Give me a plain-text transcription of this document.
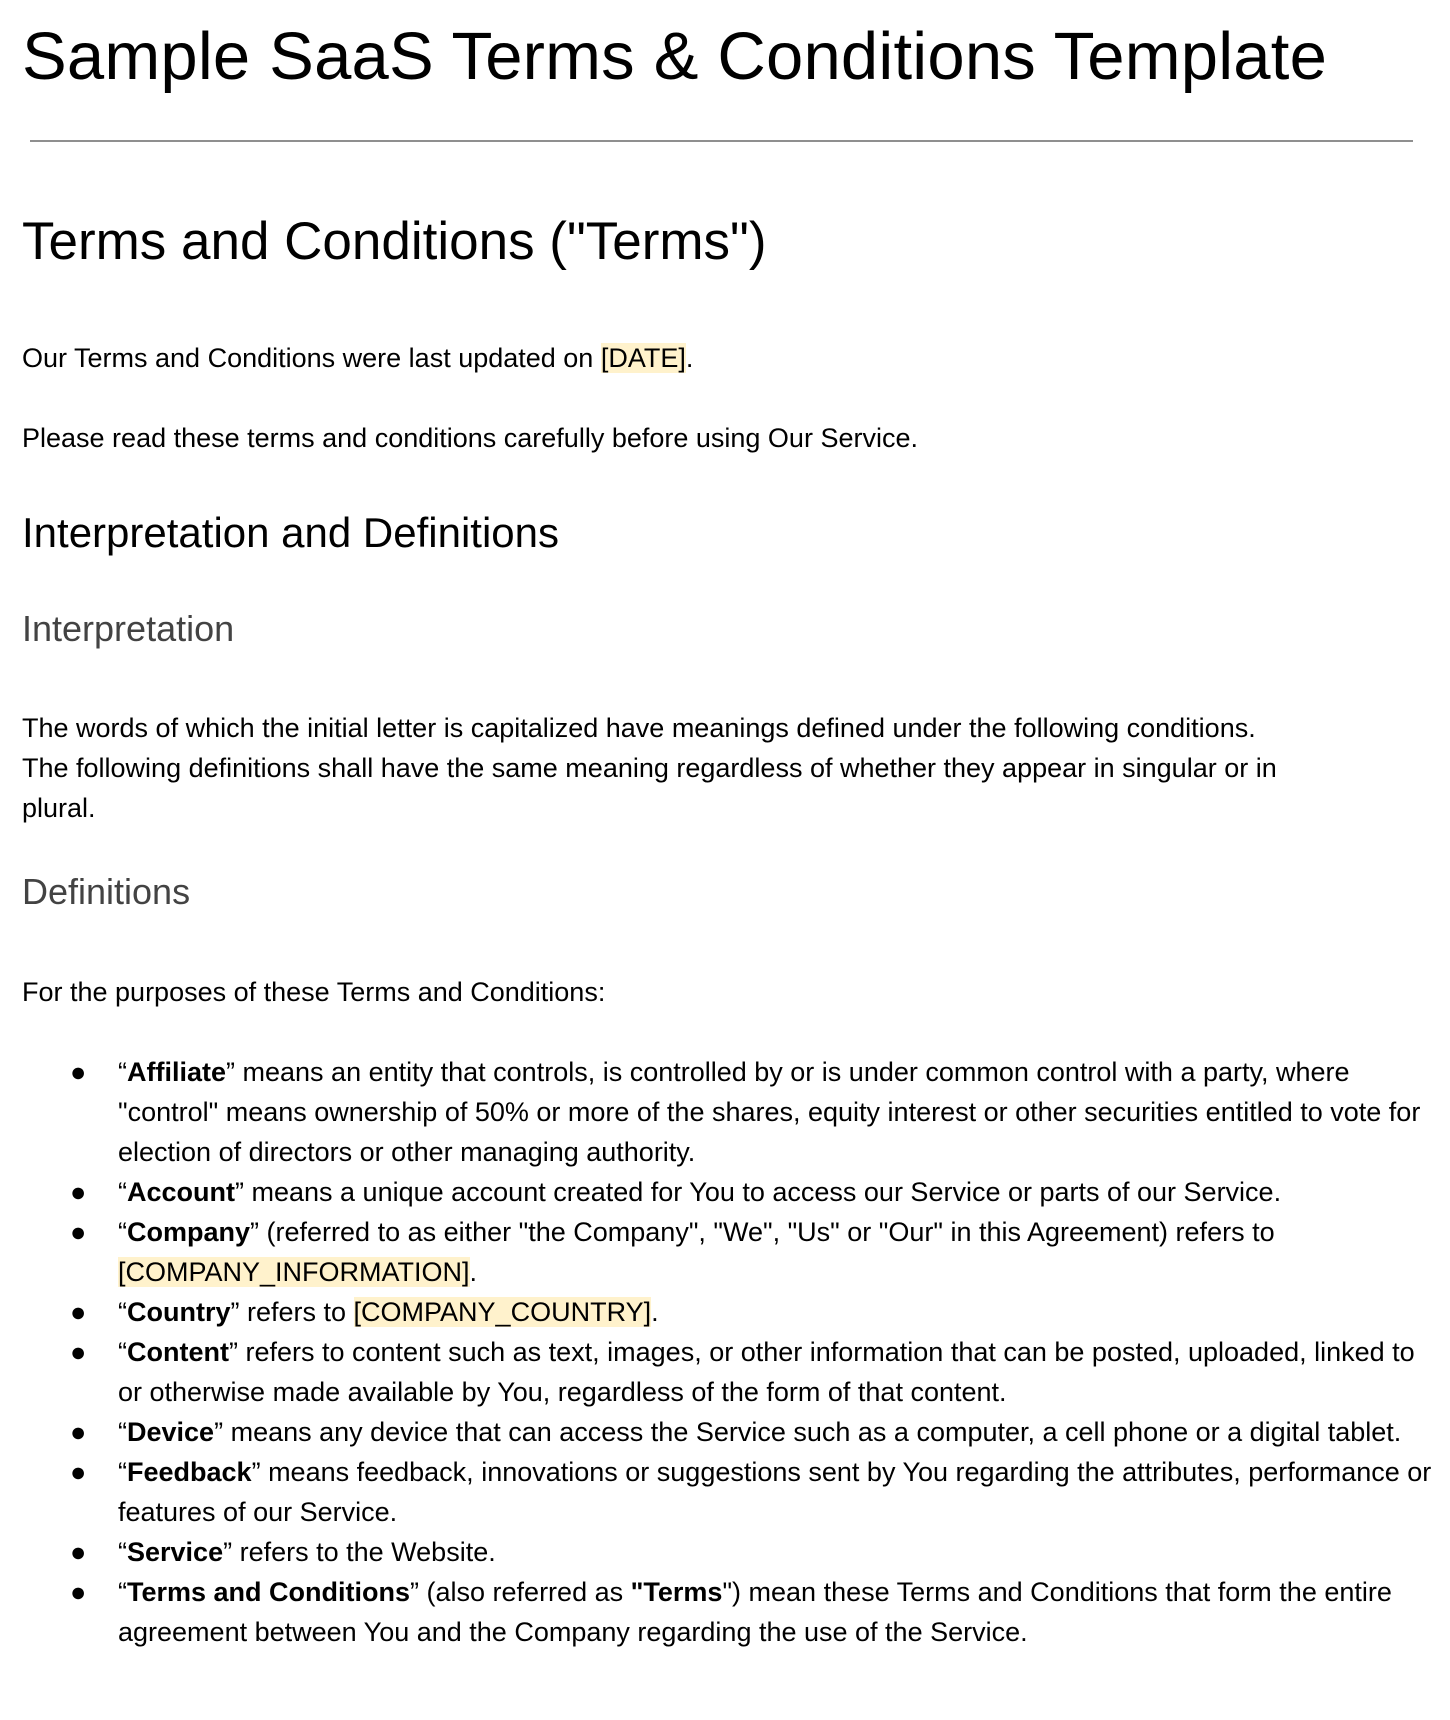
Sample SaaS Terms & Conditions Template
Terms and Conditions ("Terms")

Our Terms and Conditions were last updated on [DATE].

Please read these terms and conditions carefully before using Our Service.

Interpretation and Definitions
Interpretation

The words of which the initial letter is capitalized have meanings defined under the following conditions.

The following definitions shall have the same meaning regardless of whether they appear in singular or in

plural.

Definitions

For the purposes of these Terms and Conditions:

● “Affiliate” means an entity that controls, is controlled by or is under common control with a party, where "control" means ownership of 50% or more of the shares, equity interest or other securities entitled to vote for election of directors or other managing authority.
● “Account” means a unique account created for You to access our Service or parts of our Service.
● “Company” (referred to as either "the Company", "We", "Us" or "Our" in this Agreement) refers to
[COMPANY_INFORMATION].
● “Country” refers to [COMPANY_COUNTRY].
● “Content” refers to content such as text, images, or other information that can be posted, uploaded, linked to or otherwise made available by You, regardless of the form of that content.
● “Device” means any device that can access the Service such as a computer, a cell phone or a digital tablet.
● “Feedback” means feedback, innovations or suggestions sent by You regarding the attributes, performance or features of our Service.
● “Service” refers to the Website.
● “Terms and Conditions” (also referred as "Terms") mean these Terms and Conditions that form the entire agreement between You and the Company regarding the use of the Service.
